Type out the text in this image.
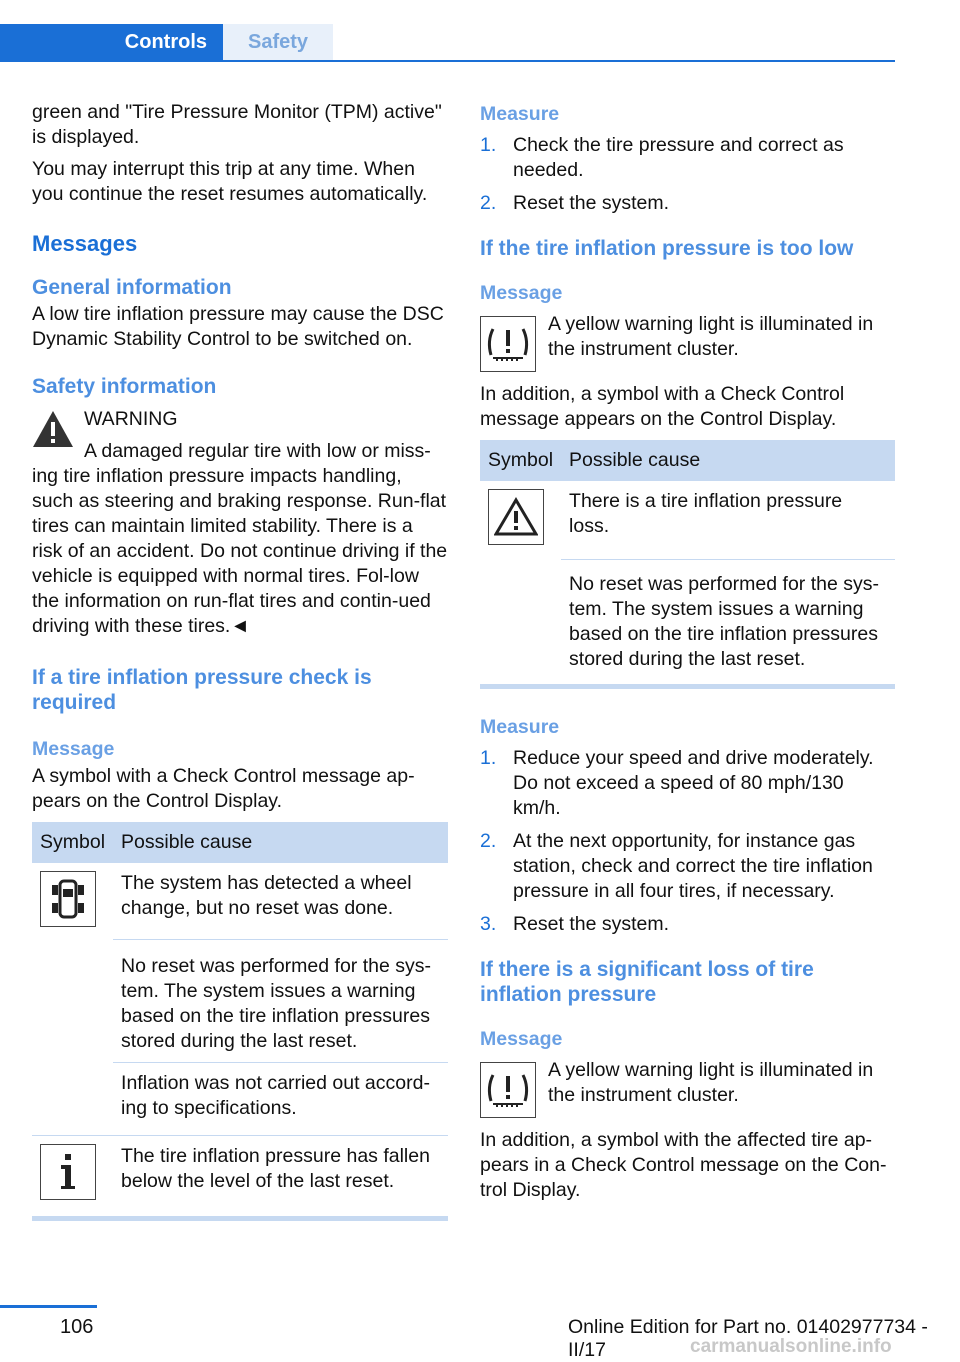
Controls	Safety

green and "Tire Pressure Monitor (TPM) active" is displayed.

You may interrupt this trip at any time. When you continue the reset resumes automatically.

Messages
General information

A low tire inflation pressure may cause the DSC Dynamic Stability Control to be switched on.

Safety information
WARNING

A damaged regular tire with low or miss‐ing tire inflation pressure impacts handling, such as steering and braking response. Run-flat tires can maintain limited stability. There is a risk of an accident. Do not continue driving if the vehicle is equipped with normal tires. Fol‐low the information on run-flat tires and contin‐ued driving with these tires.◄

If a tire inflation pressure check is required
Message

A symbol with a Check Control message ap‐pears on the Control Display.

Symbol	Possible cause

	The system has detected a wheel change, but no reset was done.
	No reset was performed for the sys‐tem. The system issues a warning based on the tire inflation pressures stored during the last reset.
	Inflation was not carried out accord‐ing to specifications.

	The tire inflation pressure has fallen below the level of the last reset.
Measure
1. Check the tire pressure and correct as needed.
2. Reset the system.
If the tire inflation pressure is too low
Message
A yellow warning light is illuminated in the instrument cluster.

In addition, a symbol with a Check Control message appears on the Control Display.

Symbol	Possible cause

	There is a tire inflation pressure loss.
	No reset was performed for the sys‐tem. The system issues a warning based on the tire inflation pressures stored during the last reset.
Measure
1. Reduce your speed and drive moderately. Do not exceed a speed of 80 mph/130 km/h.
2. At the next opportunity, for instance gas station, check and correct the tire inflation pressure in all four tires, if necessary.
3. Reset the system.
If there is a significant loss of tire inflation pressure
Message
A yellow warning light is illuminated in the instrument cluster.

In addition, a symbol with the affected tire ap‐pears in a Check Control message on the Con‐trol Display.

106	Online Edition for Part no. 01402977734 - II/17	carmanualsonline.info
